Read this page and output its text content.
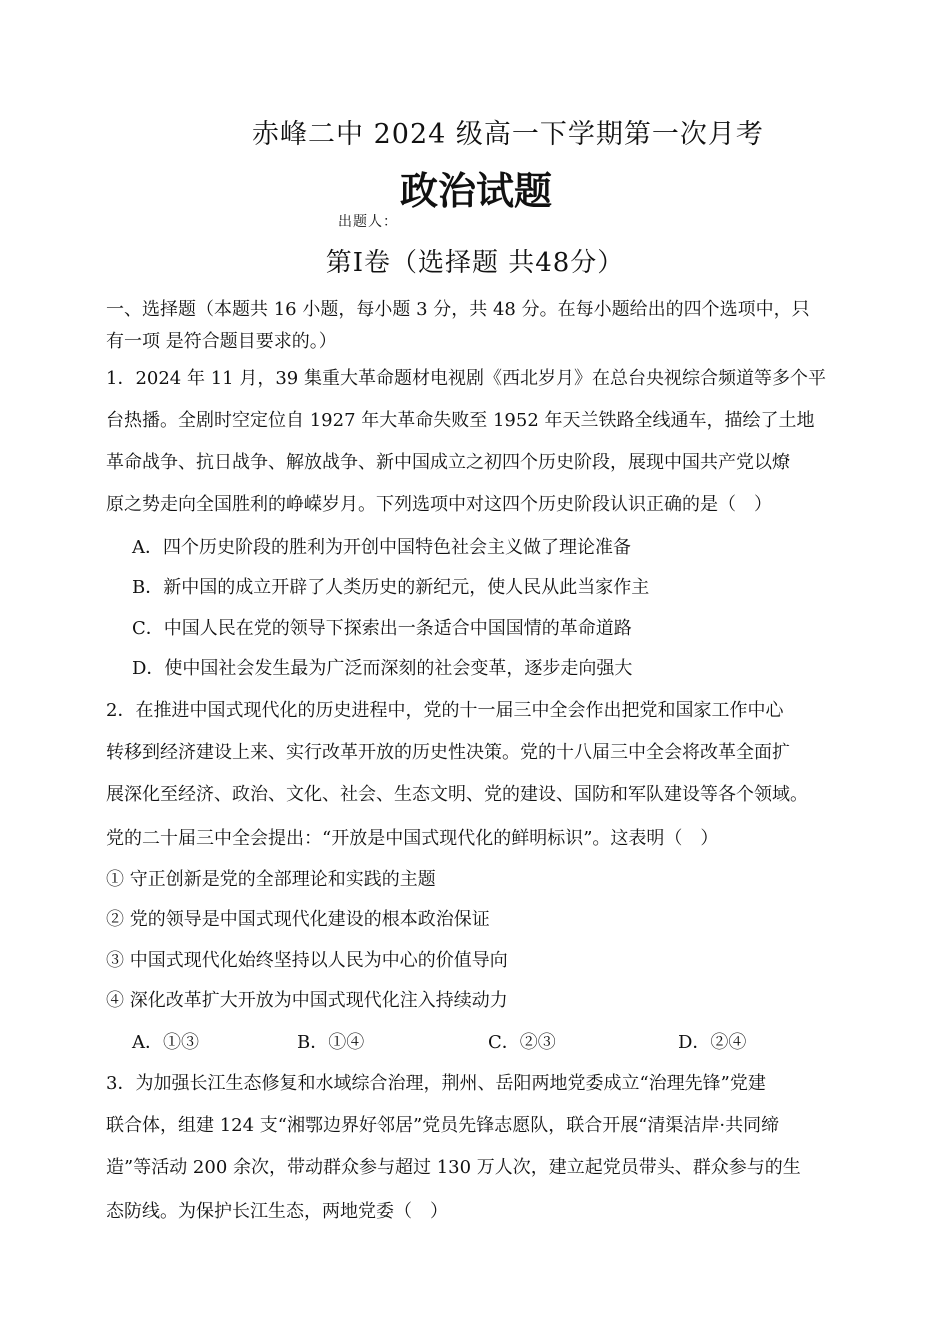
赤峰二中 2024 级高一下学期第一次月考
政治试题
出题人：
第Ⅰ卷（选择题 共48分）
一、选择题（本题共 16 小题，每小题 3 分，共 48 分。在每小题给出的四个选项中，只
有一项 是符合题目要求的。）
1．2024 年 11 月，39 集重大革命题材电视剧《西北岁月》在总台央视综合频道等多个平
台热播。全剧时空定位自 1927 年大革命失败至 1952 年天兰铁路全线通车，描绘了土地
革命战争、抗日战争、解放战争、新中国成立之初四个历史阶段，展现中国共产党以燎
原之势走向全国胜利的峥嵘岁月。下列选项中对这四个历史阶段认识正确的是（　）
A．四个历史阶段的胜利为开创中国特色社会主义做了理论准备
B．新中国的成立开辟了人类历史的新纪元，使人民从此当家作主
C．中国人民在党的领导下探索出一条适合中国国情的革命道路
D．使中国社会发生最为广泛而深刻的社会变革，逐步走向强大
2．在推进中国式现代化的历史进程中，党的十一届三中全会作出把党和国家工作中心
转移到经济建设上来、实行改革开放的历史性决策。党的十八届三中全会将改革全面扩
展深化至经济、政治、文化、社会、生态文明、党的建设、国防和军队建设等各个领域。
党的二十届三中全会提出：“开放是中国式现代化的鲜明标识”。这表明（　）
① 守正创新是党的全部理论和实践的主题
② 党的领导是中国式现代化建设的根本政治保证
③ 中国式现代化始终坚持以人民为中心的价值导向
④ 深化改革扩大开放为中国式现代化注入持续动力
A．①③	B．①④	C．②③	D．②④
3．为加强长江生态修复和水域综合治理，荆州、岳阳两地党委成立“治理先锋”党建
联合体，组建 124 支“湘鄂边界好邻居”党员先锋志愿队，联合开展“清渠洁岸·共同缔
造”等活动 200 余次，带动群众参与超过 130 万人次，建立起党员带头、群众参与的生
态防线。为保护长江生态，两地党委（　）
